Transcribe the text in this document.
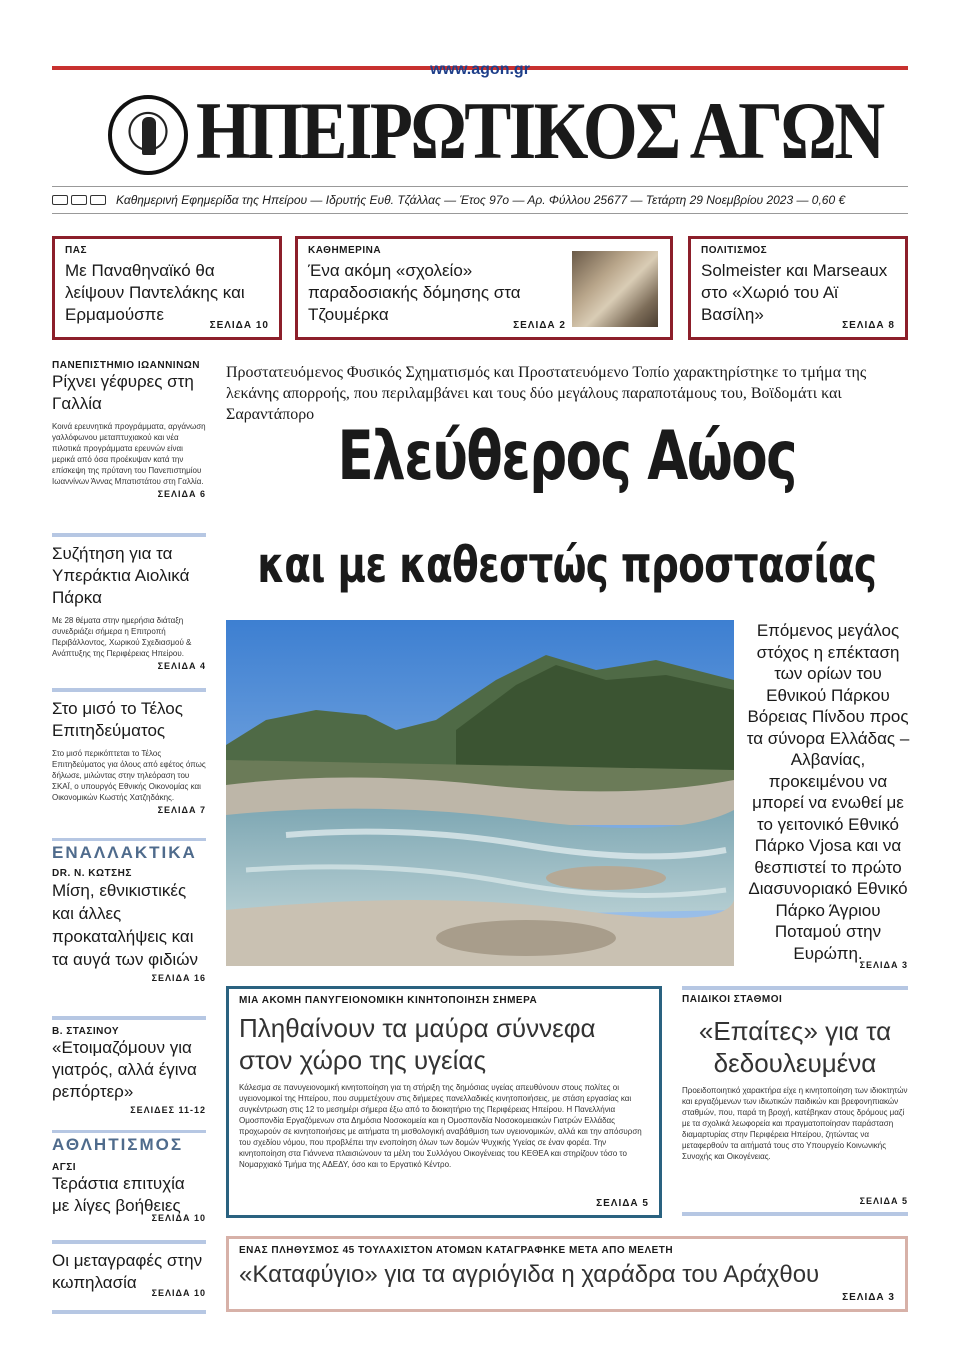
www.agon.gr
ΗΠΕΙΡΩΤΙΚΟΣ ΑΓΩΝ
Καθημερινή Εφημερίδα της Ηπείρου — Ιδρυτής Ευθ. Τζάλλας — Έτος 97ο — Αρ. Φύλλου 25677 — Τετάρτη 29 Νοεμβρίου 2023 — 0,60 €
ΠΑΣ
Με Παναθηναϊκό θα λείψουν Παντελάκης και Ερμαμούσπε
ΣΕΛΙΔΑ 10
ΚΑΘΗΜΕΡΙΝΑ
Ένα ακόμη «σχολείο» παραδοσιακής δόμησης στα Τζουμέρκα
ΣΕΛΙΔΑ 2
ΠΟΛΙΤΙΣΜΟΣ
Solmeister και Marseaux στο «Χωριό του Αϊ Βασίλη»
ΣΕΛΙΔΑ 8
ΠΑΝΕΠΙΣΤΗΜΙΟ ΙΩΑΝΝΙΝΩΝ
Ρίχνει γέφυρες στη Γαλλία
Κοινά ερευνητικά προγράμματα, αργάνωση γαλλόφωνου μεταπτυχιακού και νέα πιλοτικά προγράμματα ερευνών είναι μερικά από όσα προέκυψαν κατά την επίσκεψη της πρύτανη του Πανεπιστημίου Ιωαννίνων Άννας Μπατιστάτου στη Γαλλία.
ΣΕΛΙΔΑ 6
Συζήτηση για τα Υπεράκτια Αιολικά Πάρκα
Με 28 θέματα στην ημερήσια διάταξη συνεδριάζει σήμερα η Επιτροπή Περιβάλλοντος, Χωρικού Σχεδιασμού & Ανάπτυξης της Περιφέρειας Ηπείρου.
ΣΕΛΙΔΑ 4
Στο μισό το Τέλος Επιτηδεύματος
Στο μισό περικόπτεται το Τέλος Επιτηδεύματος για όλους από εφέτος όπως δήλωσε, μιλώντας στην τηλεόραση του ΣΚΑΪ, ο υπουργός Εθνικής Οικονομίας και Οικονομικών Κωστής Χατζηδάκης.
ΣΕΛΙΔΑ 7
ΕΝΑΛΛΑΚΤΙΚΑ
DR. Ν. ΚΩΤΣΗΣ
Μίση, εθνικιστικές και άλλες προκαταλήψεις και τα αυγά των φιδιών
ΣΕΛΙΔΑ 16
Β. ΣΤΑΣΙΝΟΥ
«Ετοιμαζόμουν για γιατρός, αλλά έγινα ρεπόρτερ»
ΣΕΛΙΔΕΣ 11-12
ΑΘΛΗΤΙΣΜΟΣ
ΑΓΣΙ
Τεράστια επιτυχία με λίγες βοήθειες
ΣΕΛΙΔΑ 10
Οι μεταγραφές στην κωπηλασία
ΣΕΛΙΔΑ 10
Προστατευόμενος Φυσικός Σχηματισμός και Προστατευόμενο Τοπίο χαρακτηρίστηκε το τμήμα της λεκάνης απορροής, που περιλαμβάνει και τους δύο μεγάλους παραποτάμους του, Βοϊδομάτι και Σαραντάπορο
Ελεύθερος Αώος
και με καθεστώς προστασίας
Επόμενος μεγάλος στόχος η επέκταση των ορίων του Εθνικού Πάρκου Βόρειας Πίνδου προς τα σύνορα Ελλάδας – Αλβανίας, προκειμένου να μπορεί να ενωθεί με το γειτονικό Εθνικό Πάρκο Vjosa και να θεσπιστεί το πρώτο Διασυνοριακό Εθνικό Πάρκο Άγριου Ποταμού στην Ευρώπη.
ΣΕΛΙΔΑ 3
ΜΙΑ ΑΚΟΜΗ ΠΑΝΥΓΕΙΟΝΟΜΙΚΗ ΚΙΝΗΤΟΠΟΙΗΣΗ ΣΗΜΕΡΑ
Πληθαίνουν τα μαύρα σύννεφα στον χώρο της υγείας
Κάλεσμα σε πανυγειονομική κινητοποίηση για τη στήριξη της δημόσιας υγείας απευθύνουν στους πολίτες οι υγειονομικοί της Ηπείρου, που συμμετέχουν στις διήμερες πανελλαδικές κινητοποιήσεις, με στάση εργασίας και συγκέντρωση στις 12 το μεσημέρι σήμερα έξω από το διοικητήριο της Περιφέρειας Ηπείρου. Η Πανελλήνια Ομοσπονδία Εργαζόμενων στα Δημόσια Νοσοκομεία και η Ομοσπονδία Νοσοκομειακών Γιατρών Ελλάδας προχωρούν σε κινητοποιήσεις με αιτήματα τη μισθολογική αναβάθμιση των υγειονομικών, αλλά και την απόσυρση του σχεδίου νόμου, που προβλέπει την ενοποίηση όλων των δομών Ψυχικής Υγείας σε έναν φορέα. Την κινητοποίηση στα Γιάννενα πλαισιώνουν τα μέλη του Συλλόγου Οικογένειας του ΚΕΘΕΑ και στηρίζουν τόσο το Νομαρχιακό Τμήμα της ΑΔΕΔΥ, όσο και το Εργατικό Κέντρο.
ΣΕΛΙΔΑ 5
ΠΑΙΔΙΚΟΙ ΣΤΑΘΜΟΙ
«Επαίτες» για τα δεδουλευμένα
Προειδοποιητικό χαρακτήρα είχε η κινητοποίηση των ιδιοκτητών και εργαζόμενων των ιδιωτικών παιδικών και βρεφονηπιακών σταθμών, που, παρά τη βροχή, κατέβηκαν στους δρόμους μαζί με τα σχολικά λεωφορεία και πραγματοποίησαν παράσταση διαμαρτυρίας στην Περιφέρεια Ηπείρου, ζητώντας να μεταφερθούν τα αιτήματά τους στο Υπουργείο Κοινωνικής Συνοχής και Οικογένειας.
ΣΕΛΙΔΑ 5
ΕΝΑΣ ΠΛΗΘΥΣΜΟΣ 45 ΤΟΥΛΑΧΙΣΤΟΝ ΑΤΟΜΩΝ ΚΑΤΑΓΡΑΦΗΚΕ ΜΕΤΑ ΑΠΟ ΜΕΛΕΤΗ
«Καταφύγιο» για τα αγριόγιδα η χαράδρα του Αράχθου
ΣΕΛΙΔΑ 3
